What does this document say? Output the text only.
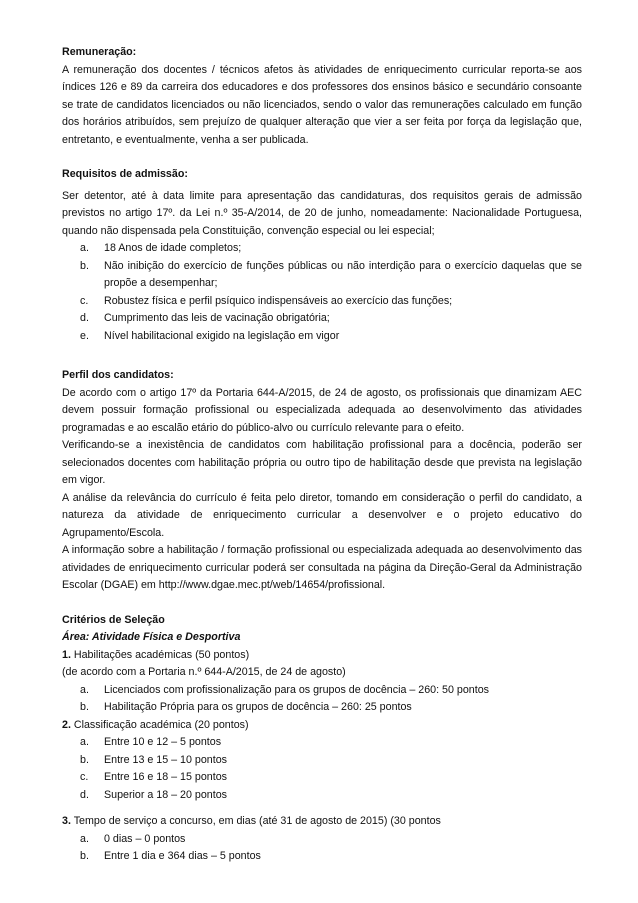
Remuneração:

A remuneração dos docentes / técnicos afetos às atividades de enriquecimento curricular reporta-se aos índices 126 e 89 da carreira dos educadores e dos professores dos ensinos básico e secundário consoante se trate de candidatos licenciados ou não licenciados, sendo o valor das remunerações calculado em função dos horários atribuídos, sem prejuízo de qualquer alteração que vier a ser feita por força da legislação que, entretanto, e eventualmente, venha a ser publicada.

Requisitos de admissão:

Ser detentor, até à data limite para apresentação das candidaturas, dos requisitos gerais de admissão previstos no artigo 17º. da Lei n.º 35-A/2014, de 20 de junho, nomeadamente: Nacionalidade Portuguesa, quando não dispensada pela Constituição, convenção especial ou lei especial;

a. 18 Anos de idade completos;
b. Não inibição do exercício de funções públicas ou não interdição para o exercício daquelas que se propõe a desempenhar;
c. Robustez física e perfil psíquico indispensáveis ao exercício das funções;
d. Cumprimento das leis de vacinação obrigatória;
e. Nível habilitacional exigido na legislação em vigor

Perfil dos candidatos:

De acordo com o artigo 17º da Portaria 644-A/2015, de 24 de agosto, os profissionais que dinamizam AEC devem possuir formação profissional ou especializada adequada ao desenvolvimento das atividades programadas e ao escalão etário do público-alvo ou currículo relevante para o efeito.

Verificando-se a inexistência de candidatos com habilitação profissional para a docência, poderão ser selecionados docentes com habilitação própria ou outro tipo de habilitação desde que prevista na legislação em vigor.

A análise da relevância do currículo é feita pelo diretor, tomando em consideração o perfil do candidato, a natureza da atividade de enriquecimento curricular a desenvolver e o projeto educativo do Agrupamento/Escola.

A informação sobre a habilitação / formação profissional ou especializada adequada ao desenvolvimento das atividades de enriquecimento curricular poderá ser consultada na página da Direção-Geral da Administração Escolar (DGAE) em http://www.dgae.mec.pt/web/14654/profissional.

Critérios de Seleção

Área: Atividade Física e Desportiva

1. Habilitações académicas (50 pontos)

(de acordo com a Portaria n.º 644-A/2015, de 24 de agosto)

a. Licenciados com profissionalização para os grupos de docência – 260: 50 pontos
b. Habilitação Própria para os grupos de docência – 260: 25 pontos

2. Classificação académica (20 pontos)

a. Entre 10 e 12 – 5 pontos
b. Entre 13 e 15 – 10 pontos
c. Entre 16 e 18 – 15 pontos
d. Superior a 18 – 20 pontos

3. Tempo de serviço a concurso, em dias (até 31 de agosto de 2015) (30 pontos

a. 0 dias – 0 pontos
b. Entre 1 dia e 364 dias – 5 pontos
